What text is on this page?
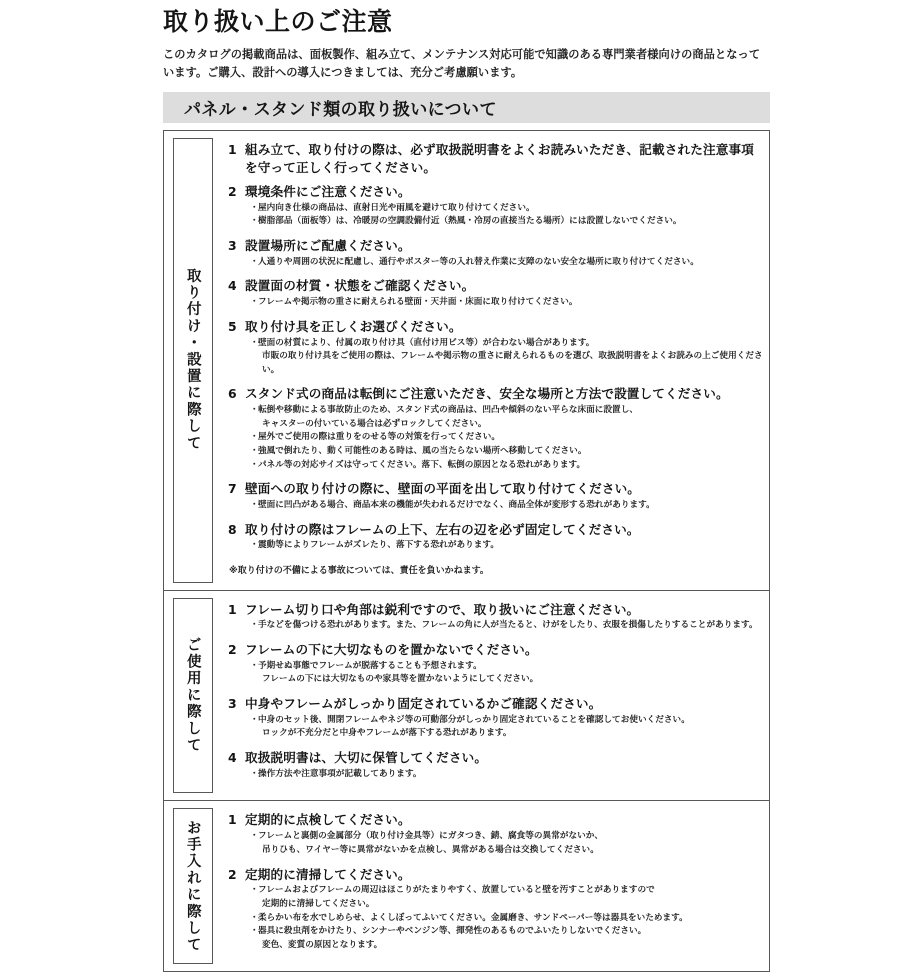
取り扱い上のご注意

このカタログの掲載商品は、面板製作、組み立て、メンテナンス対応可能で知識のある専門業者様向けの商品となっています。ご購入、設計への導入につきましては、充分ご考慮願います。

パネル・スタンド類の取り扱いについて
取り付け・設置に際して
1 組み立て、取り付けの際は、必ず取扱説明書をよくお読みいただき、記載された注意事項を守って正しく行ってください。
2 環境条件にご注意ください。
・ 屋内向き仕様の商品は、直射日光や雨風を避けて取り付けてください。
・ 樹脂部品（面板等）は、冷暖房の空調設備付近（熱風・冷房の直接当たる場所）には設置しないでください。
3 設置場所にご配慮ください。
・ 人通りや周囲の状況に配慮し、通行やポスター等の入れ替え作業に支障のない安全な場所に取り付けてください。
4 設置面の材質・状態をご確認ください。
・ フレームや掲示物の重さに耐えられる壁面・天井面・床面に取り付けてください。
5 取り付け具を正しくお選びください。
・ 壁面の材質により、付属の取り付け具（直付け用ビス等）が合わない場合があります。
市販の取り付け具をご使用の際は、フレームや掲示物の重さに耐えられるものを選び、取扱説明書をよくお読みの上ご使用ください。
6 スタンド式の商品は転倒にご注意いただき、安全な場所と方法で設置してください。
・ 転倒や移動による事故防止のため、スタンド式の商品は、凹凸や傾斜のない平らな床面に設置し、
キャスターの付いている場合は必ずロックしてください。
・ 屋外でご使用の際は重りをのせる等の対策を行ってください。
・ 強風で倒れたり、動く可能性のある時は、風の当たらない場所へ移動してください。
・ パネル等の対応サイズは守ってください。落下、転倒の原因となる恐れがあります。
7 壁面への取り付けの際に、壁面の平面を出して取り付けてください。
・ 壁面に凹凸がある場合、商品本来の機能が失われるだけでなく、商品全体が変形する恐れがあります。
8 取り付けの際はフレームの上下、左右の辺を必ず固定してください。
・ 震動等によりフレームがズレたり、落下する恐れがあります。
※取り付けの不備による事故については、責任を負いかねます。
ご使用に際して
1 フレーム切り口や角部は鋭利ですので、取り扱いにご注意ください。
・ 手などを傷つける恐れがあります。また、フレームの角に人が当たると、けがをしたり、衣服を損傷したりすることがあります。
2 フレームの下に大切なものを置かないでください。
・ 予期せぬ事態でフレームが脱落することも予想されます。
フレームの下には大切なものや家具等を置かないようにしてください。
3 中身やフレームがしっかり固定されているかご確認ください。
・ 中身のセット後、開閉フレームやネジ等の可動部分がしっかり固定されていることを確認してお使いください。
ロックが不充分だと中身やフレームが落下する恐れがあります。
4 取扱説明書は、大切に保管してください。
・ 操作方法や注意事項が記載してあります。
お手入れに際して 1 定期的に点検してください。
・ フレームと裏側の金属部分（取り付け金具等）にガタつき、錆、腐食等の異常がないか、
吊りひも、ワイヤー等に異常がないかを点検し、異常がある場合は交換してください。
2 定期的に清掃してください。
・ フレームおよびフレームの周辺はほこりがたまりやすく、放置していると壁を汚すことがありますので
定期的に清掃してください。
・ 柔らかい布を水でしめらせ、よくしぼってふいてください。金属磨き、サンドペーパー等は器具をいためます。
・ 器具に殺虫剤をかけたり、シンナーやベンジン等、揮発性のあるものでふいたりしないでください。
変色、変質の原因となります。
